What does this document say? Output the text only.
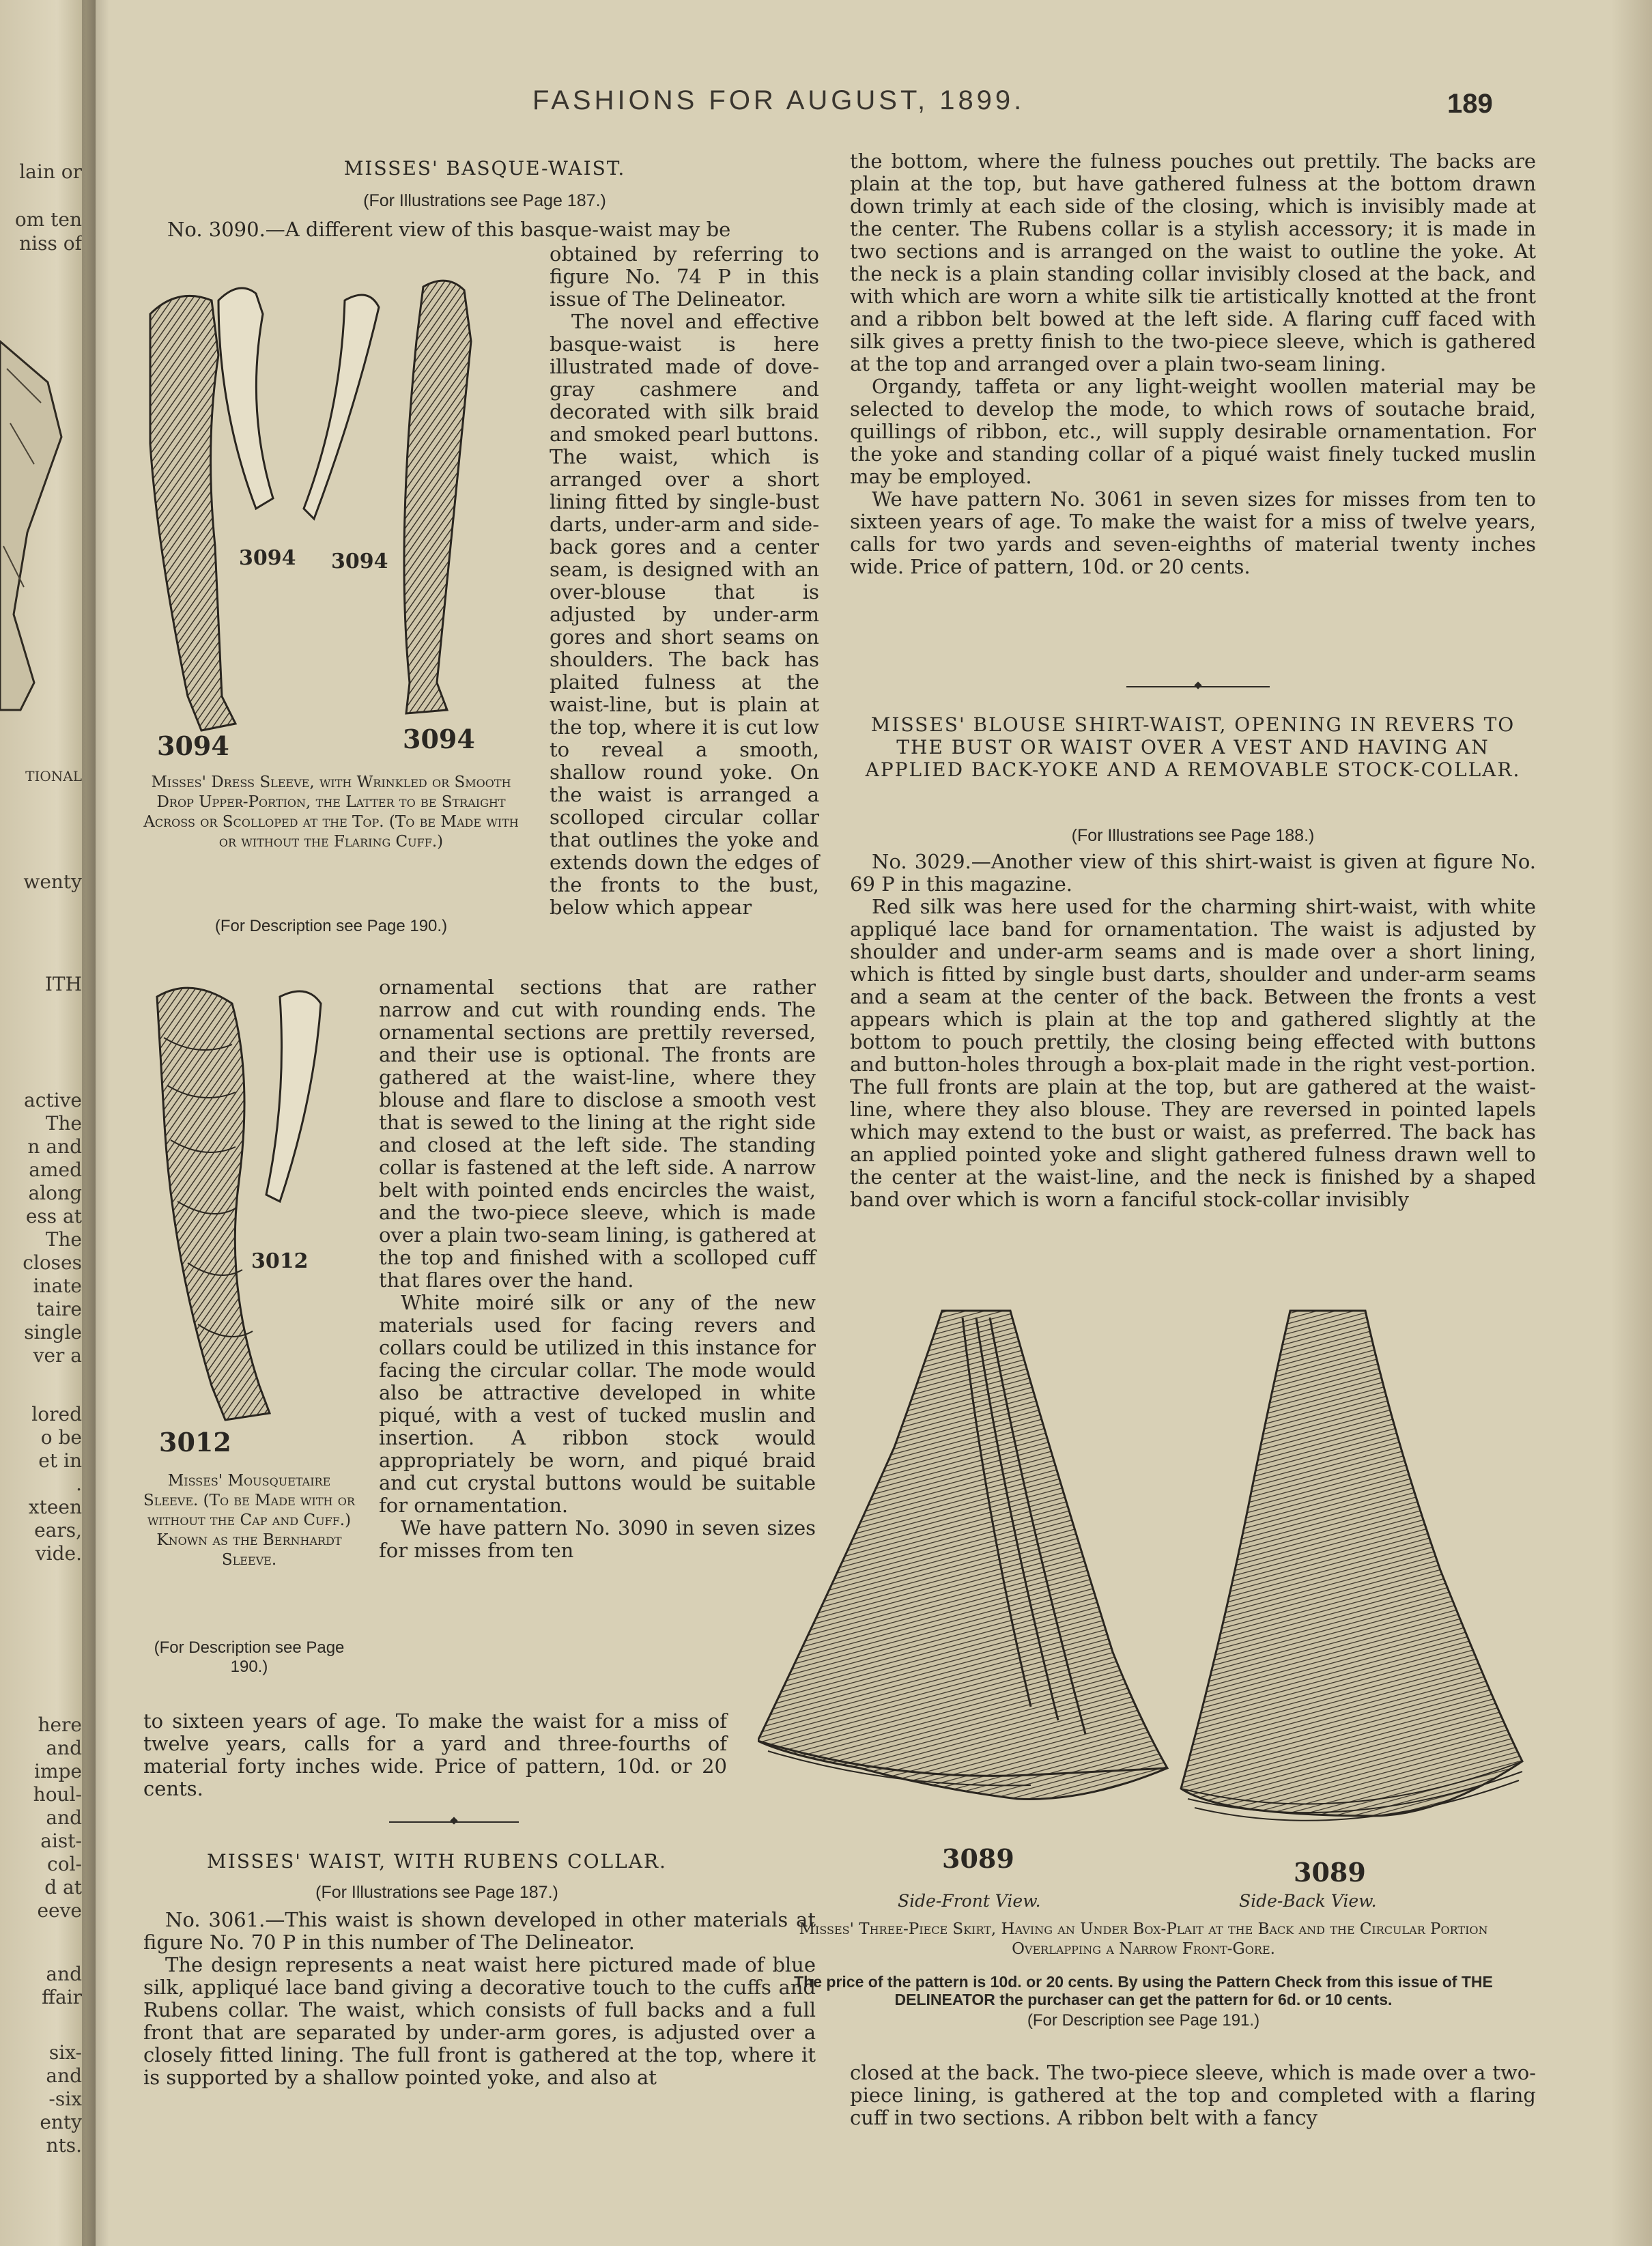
lain or
om ten
niss of
TIONAL
wenty
ITH
active
The
n and
amed
along
ess at
The
closes
inate
taire
single
ver a
lored
o be
et in
.
xteen
ears,
vide.
here
and
impe
houl-
and
aist-
col-
d at
eeve
and
ffair
six-
and
-six
enty
nts.
FASHIONS FOR AUGUST, 1899.	189
MISSES' BASQUE-WAIST.
(For Illustrations see Page 187.)

No. 3090.—A different view of this basque-waist may be

obtained by referring to figure No. 74 P in this issue of The Delineator.

The novel and effective basque-waist is here illustrated made of dove-gray cashmere and decorated with silk braid and smoked pearl buttons. The waist, which is arranged over a short lining fitted by single-bust darts, under-arm and side-back gores and a center seam, is designed with an over-blouse that is adjusted by under-arm gores and short seams on shoulders. The back has plaited fulness at the waist-line, but is plain at the top, where it is cut low to reveal a smooth, shallow round yoke. On the waist is arranged a scolloped circular collar that outlines the yoke and extends down the edges of the fronts to the bust, below which appear

ornamental sections that are rather narrow and cut with rounding ends. The ornamental sections are prettily reversed, and their use is optional. The fronts are gathered at the waist-line, where they blouse and flare to disclose a smooth vest that is sewed to the lining at the right side and closed at the left side. The standing collar is fastened at the left side. A narrow belt with pointed ends encircles the waist, and the two-piece sleeve, which is made over a plain two-seam lining, is gathered at the top and finished with a scolloped cuff that flares over the hand.

White moiré silk or any of the new materials used for facing revers and collars could be utilized in this instance for facing the circular collar. The mode would also be attractive developed in white piqué, with a vest of tucked muslin and insertion. A ribbon stock would appropriately be worn, and piqué braid and cut crystal buttons would be suitable for ornamentation.

We have pattern No. 3090 in seven sizes for misses from ten

to sixteen years of age. To make the waist for a miss of twelve years, calls for a yard and three-fourths of material forty inches wide. Price of pattern, 10d. or 20 cents.

3094 3094
3094	3094
Misses' Dress Sleeve, with Wrinkled or Smooth Drop Upper-Portion, the Latter to be Straight Across or Scolloped at the Top. (To be Made with or without the Flaring Cuff.)
(For Description see Page 190.)
3012
3012
Misses' Mousquetaire Sleeve. (To be Made with or without the Cap and Cuff.) Known as the Bernhardt Sleeve.
(For Description see Page 190.)
MISSES' WAIST, WITH RUBENS COLLAR.
(For Illustrations see Page 187.)

No. 3061.—This waist is shown developed in other materials at figure No. 70 P in this number of The Delineator.

The design represents a neat waist here pictured made of blue silk, appliqué lace band giving a decorative touch to the cuffs and Rubens collar. The waist, which consists of full backs and a full front that are separated by under-arm gores, is adjusted over a closely fitted lining. The full front is gathered at the top, where it is supported by a shallow pointed yoke, and also at

the bottom, where the fulness pouches out prettily. The backs are plain at the top, but have gathered fulness at the bottom drawn down trimly at each side of the closing, which is invisibly made at the center. The Rubens collar is a stylish accessory; it is made in two sections and is arranged on the waist to outline the yoke. At the neck is a plain standing collar invisibly closed at the back, and with which are worn a white silk tie artistically knotted at the front and a ribbon belt bowed at the left side. A flaring cuff faced with silk gives a pretty finish to the two-piece sleeve, which is gathered at the top and arranged over a plain two-seam lining.

Organdy, taffeta or any light-weight woollen material may be selected to develop the mode, to which rows of soutache braid, quillings of ribbon, etc., will supply desirable ornamentation. For the yoke and standing collar of a piqué waist finely tucked muslin may be employed.

We have pattern No. 3061 in seven sizes for misses from ten to sixteen years of age. To make the waist for a miss of twelve years, calls for two yards and seven-eighths of material twenty inches wide. Price of pattern, 10d. or 20 cents.

MISSES' BLOUSE SHIRT-WAIST, OPENING IN REVERS TO THE BUST OR WAIST OVER A VEST AND HAVING AN APPLIED BACK-YOKE AND A REMOVABLE STOCK-COLLAR.
(For Illustrations see Page 188.)

No. 3029.—Another view of this shirt-waist is given at figure No. 69 P in this magazine.

Red silk was here used for the charming shirt-waist, with white appliqué lace band for ornamentation. The waist is adjusted by shoulder and under-arm seams and is made over a short lining, which is fitted by single bust darts, shoulder and under-arm seams and a seam at the center of the back. Between the fronts a vest appears which is plain at the top and gathered slightly at the bottom to pouch prettily, the closing being effected with buttons and button-holes through a box-plait made in the right vest-portion. The full fronts are plain at the top, but are gathered at the waist-line, where they also blouse. They are reversed in pointed lapels which may extend to the bust or waist, as preferred. The back has an applied pointed yoke and slight gathered fulness drawn well to the center at the waist-line, and the neck is finished by a shaped band over which is worn a fanciful stock-collar invisibly

3089	3089
Side-Front View.	Side-Back View.
Misses' Three-Piece Skirt, Having an Under Box-Plait at the Back and the Circular Portion Overlapping a Narrow Front-Gore.
The price of the pattern is 10d. or 20 cents. By using the Pattern Check from this issue of THE DELINEATOR the purchaser can get the pattern for 6d. or 10 cents.
(For Description see Page 191.)

closed at the back. The two-piece sleeve, which is made over a two-piece lining, is gathered at the top and completed with a flaring cuff in two sections. A ribbon belt with a fancy
